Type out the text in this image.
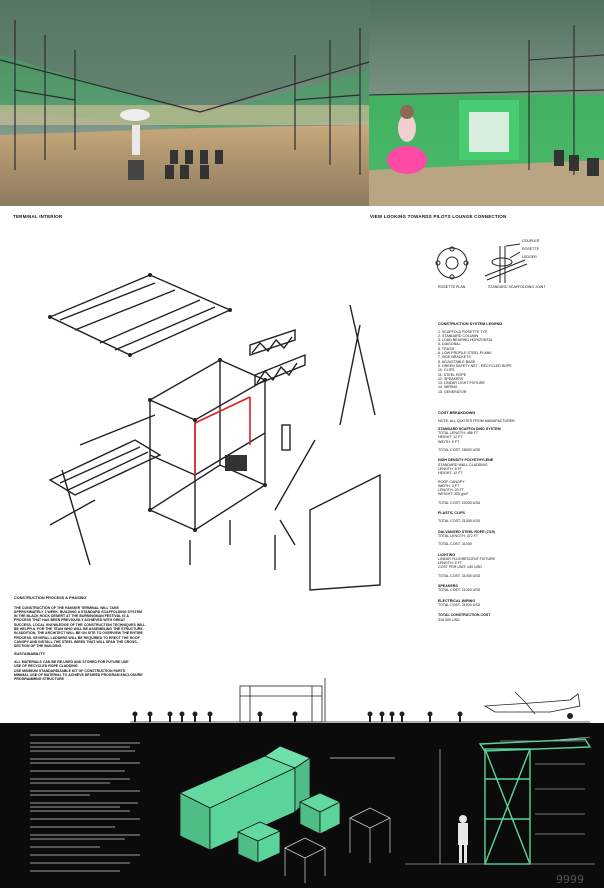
TERMINAL INTERIOR	VIEW LOOKING TOWARDS PILOTS LOUNGE CONNECTION
COUPLER
ROSETTE
LEDGER
ROSETTE PLAN	STANDARD SCAFFOLDING JOINT
CONSTRUCTION SYSTEM LEGEND
1. SCAFFOLD ROSETTE TYP.
2. STANDARD COLUMN
3. LOAD BEARING HORIZONTAL
4. DIAGONAL
5. TRUSS
6. LOW PROFILE STEEL PLANK
7. SIDE BRACKETS
8. ADJUSTABLE BASE
9. GREEN SAFETY NET - RECYCLED ROPE
10. CLIPS
11. STEEL ROPE
12. SPEAKERS
13. LINEAR LIGHT FIXTURE
14. WIRING
15. GENERATOR
COST BREAKDOWN
NOTE: ALL QUOTES FROM MANUFACTURER
STANDARD SCAFFOLDING SYSTEM
TOTAL LENGTH: 456 FT
HEIGHT: 12 FT
WIDTH: 5 FT
TOTAL COST: 28000 USD
HIGH DENSITY POLYETHYLENE
STANDARD WALL CLADDING
LENGTH: 8 FT
HEIGHT: 12 FT
ROOF CANOPY
WIDTH: 4 FT
LENGTH: 20 FT
WEIGHT: 300 g/m²
TOTAL COST: 22000 USD
PLASTIC CLIPS
TOTAL COST: 21000 USD
GALVANIZED STEEL ROPE (7/19)
TOTAL LENGTH: 372 FT
TOTAL COST: 31000
LIGHTING
LINEAR FLUORESCENT FIXTURE
LENGTH: 5 FT
COST PER UNIT: 240 USD
TOTAL COST: 31000 USD
SPEAKERS
TOTAL COST: 21000 USD
ELECTRICAL WIRING
TOTAL COST: 31000 USD
TOTAL CONSTRUCTION COST
318 300 USD
CONSTRUCTION PROCESS & PHASING
THE CONSTRUCTION OF THE HANGER TERMINAL WILL TAKE
APPROXIMATELY 1 WEEK. BUILDING A STANDARD SCAFFOLDING SYSTEM
IN THE BLACK ROCK DESERT AT THE BURNINGMAN FESTIVAL IS A
PROCESS THAT HAS BEEN PREVIOUSLY ACHIEVED WITH GREAT
SUCCESS. LOCAL KNOWLEDGE OF THE CONSTRUCTION TECHNIQUES WILL
BE HELPFUL FOR THE TEAM WHO WILL BE ASSEMBLING THE STRUCTURE.
IN ADDITION, THE ARCHITECT WILL BE ON SITE TO OVERVIEW THE ENTIRE
PROCESS. SEVERAL LADDERS WILL BE REQUIRED TO ERECT THE ROOF
CANOPY AND INSTALL THE STEEL WIRES THAT WILL SPAN THE CROSS-
SECTION OF THE BUILDING.
SUSTAINABILITY
ALL MATERIALS CAN BE RE-USED AND STORED FOR FUTURE USE
USE OF RECYCLED ROPE CLADDING
USE MINIMUM STANDARDIZABLE KIT OF CONSTRUCTION PARTS
MINIMAL USE OF MATERIAL TO ACHIEVE DESIRED PROGRAM ENCLOSURE
PROGRAMMING STRUCTURE
9999
